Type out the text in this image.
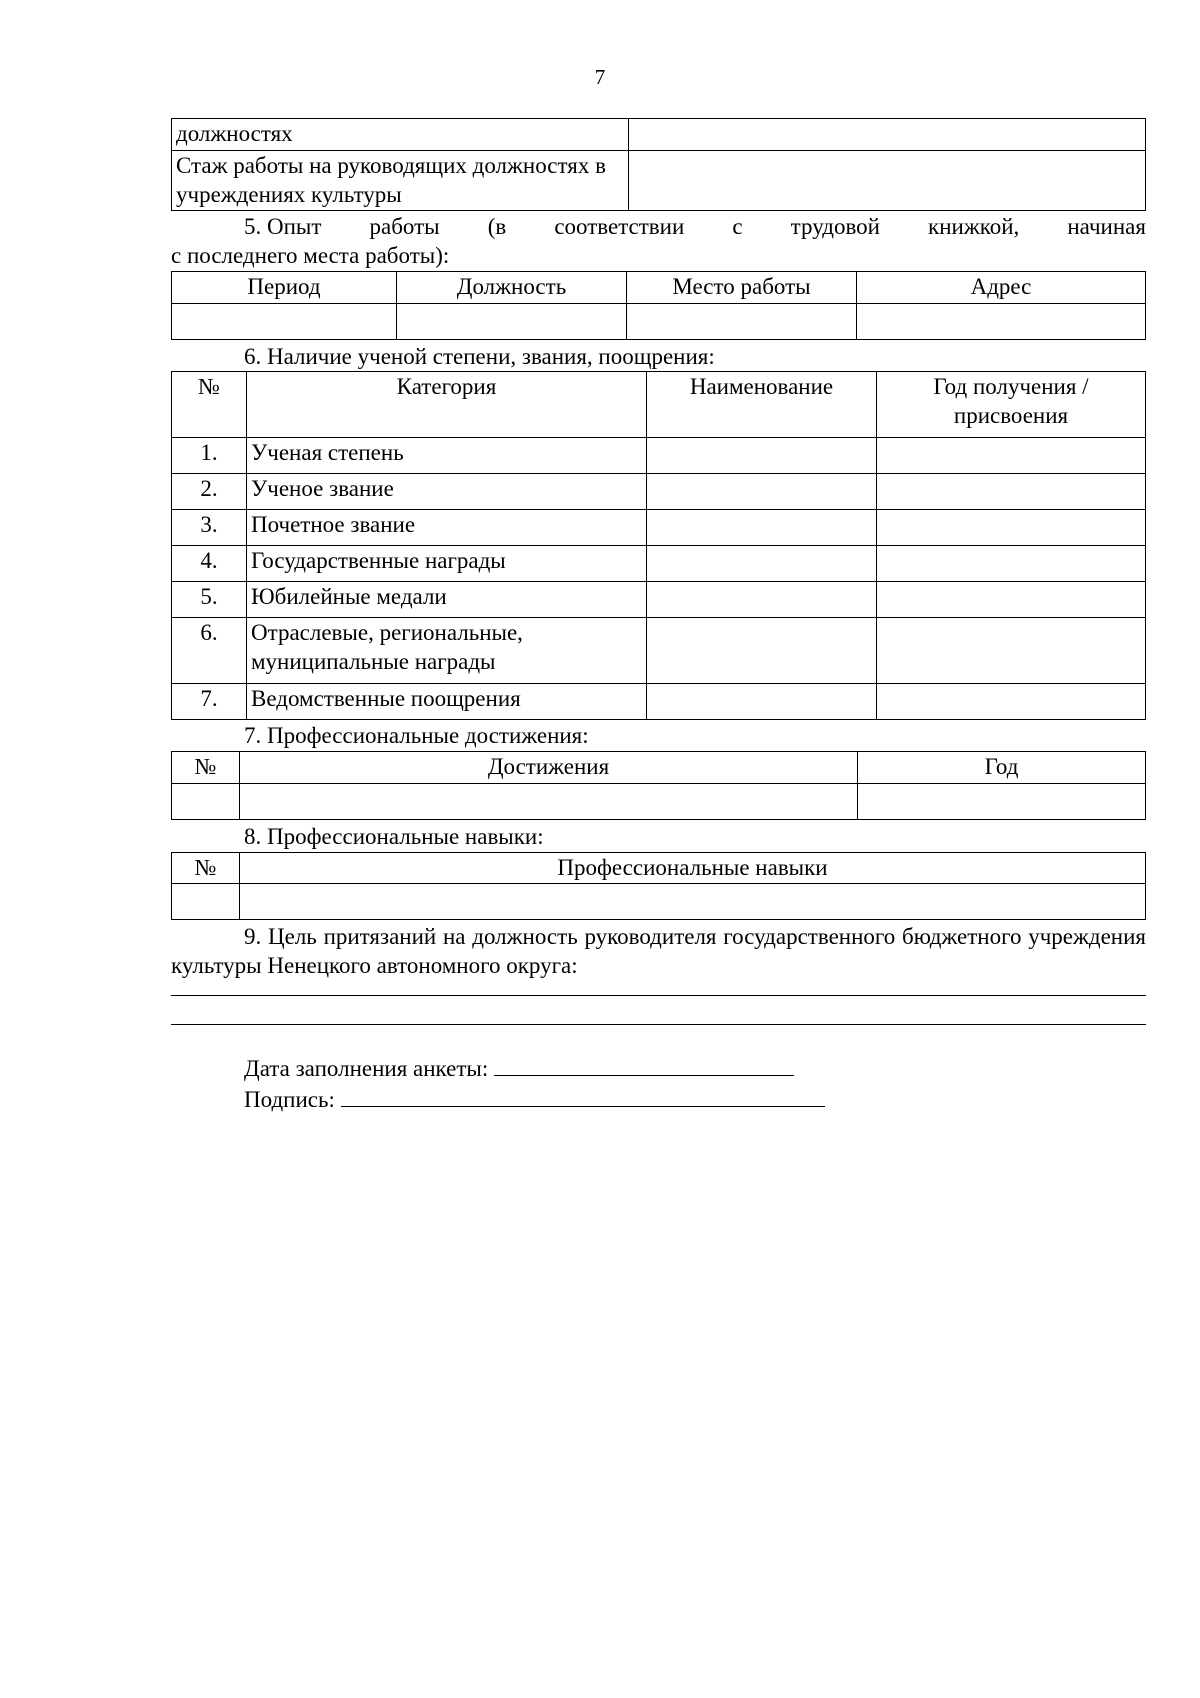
7
должностях	
Стаж работы на руководящих должностях в учреждениях культуры	

5. Опыт работы (в соответствии с трудовой книжкой, начиная

с последнего места работы):

Период	Должность	Место работы	Адрес

6. Наличие ученой степени, звания, поощрения:

№	Категория	Наименование	Год получения /присвоения
1.	Ученая степень		
2.	Ученое звание		
3.	Почетное звание		
4.	Государственные награды		
5.	Юбилейные медали		
6.	Отраслевые, региональные, муниципальные награды		
7.	Ведомственные поощрения		

7. Профессиональные достижения:

№	Достижения	Год

8. Профессиональные навыки:

№	Профессиональные навыки

9. Цель притязаний на должность руководителя государственного бюджетного учреждения культуры Ненецкого автономного округа:

Дата заполнения анкеты:
Подпись:
